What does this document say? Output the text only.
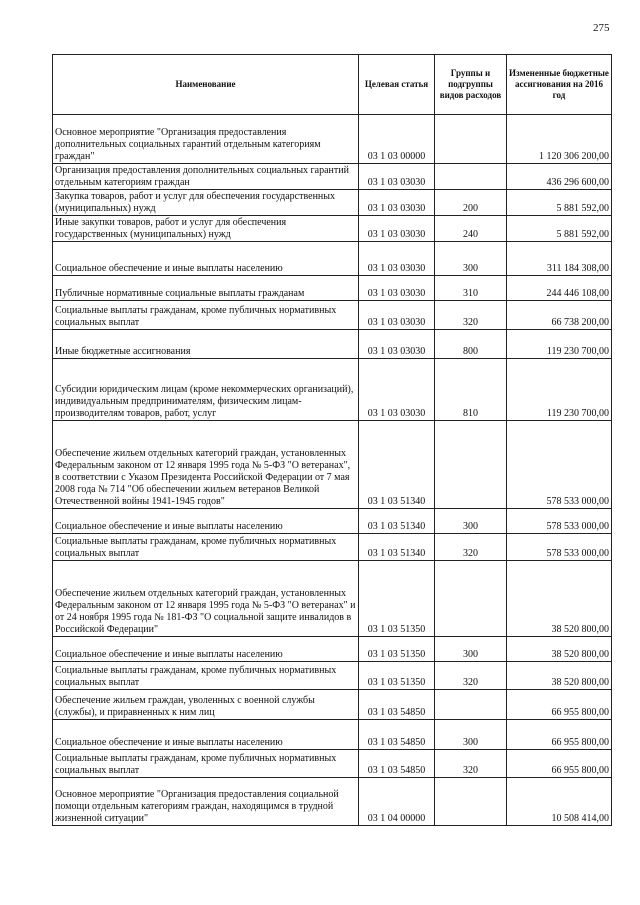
275
Наименование	Целевая статья	Группы и подгруппы видов расходов	Измененные бюджетные ассигнования на 2016 год
Основное мероприятие "Организация предоставления дополнительных социальных гарантий отдельным категориям граждан"	03 1 03 00000		1 120 306 200,00
Организация предоставления дополнительных социальных гарантий отдельным категориям граждан	03 1 03 03030		436 296 600,00
Закупка товаров, работ и услуг для обеспечения государственных (муниципальных) нужд	03 1 03 03030	200	5 881 592,00
Иные закупки товаров, работ и услуг для обеспечения государственных (муниципальных) нужд	03 1 03 03030	240	5 881 592,00
Социальное обеспечение и иные выплаты населению	03 1 03 03030	300	311 184 308,00
Публичные нормативные социальные выплаты гражданам	03 1 03 03030	310	244 446 108,00
Социальные выплаты гражданам, кроме публичных нормативных социальных выплат	03 1 03 03030	320	66 738 200,00
Иные бюджетные ассигнования	03 1 03 03030	800	119 230 700,00
Субсидии юридическим лицам (кроме некоммерческих организаций), индивидуальным предпринимателям, физическим лицам-производителям товаров, работ, услуг	03 1 03 03030	810	119 230 700,00
Обеспечение жильем отдельных категорий граждан, установленных Федеральным законом от 12 января 1995 года № 5-ФЗ "О ветеранах", в соответствии с Указом Президента Российской Федерации от 7 мая 2008 года № 714 "Об обеспечении жильем ветеранов Великой Отечественной войны 1941-1945 годов"	03 1 03 51340		578 533 000,00
Социальное обеспечение и иные выплаты населению	03 1 03 51340	300	578 533 000,00
Социальные выплаты гражданам, кроме публичных нормативных социальных выплат	03 1 03 51340	320	578 533 000,00
Обеспечение жильем отдельных категорий граждан, установленных Федеральным законом от 12 января 1995 года № 5-ФЗ "О ветеранах" и от 24 ноября 1995 года № 181-ФЗ "О социальной защите инвалидов в Российской Федерации"	03 1 03 51350		38 520 800,00
Социальное обеспечение и иные выплаты населению	03 1 03 51350	300	38 520 800,00
Социальные выплаты гражданам, кроме публичных нормативных социальных выплат	03 1 03 51350	320	38 520 800,00
Обеспечение жильем граждан, уволенных с военной службы (службы), и приравненных к ним лиц	03 1 03 54850		66 955 800,00
Социальное обеспечение и иные выплаты населению	03 1 03 54850	300	66 955 800,00
Социальные выплаты гражданам, кроме публичных нормативных социальных выплат	03 1 03 54850	320	66 955 800,00
Основное мероприятие "Организация предоставления социальной помощи отдельным категориям граждан, находящимся в трудной жизненной ситуации"	03 1 04 00000		10 508 414,00
